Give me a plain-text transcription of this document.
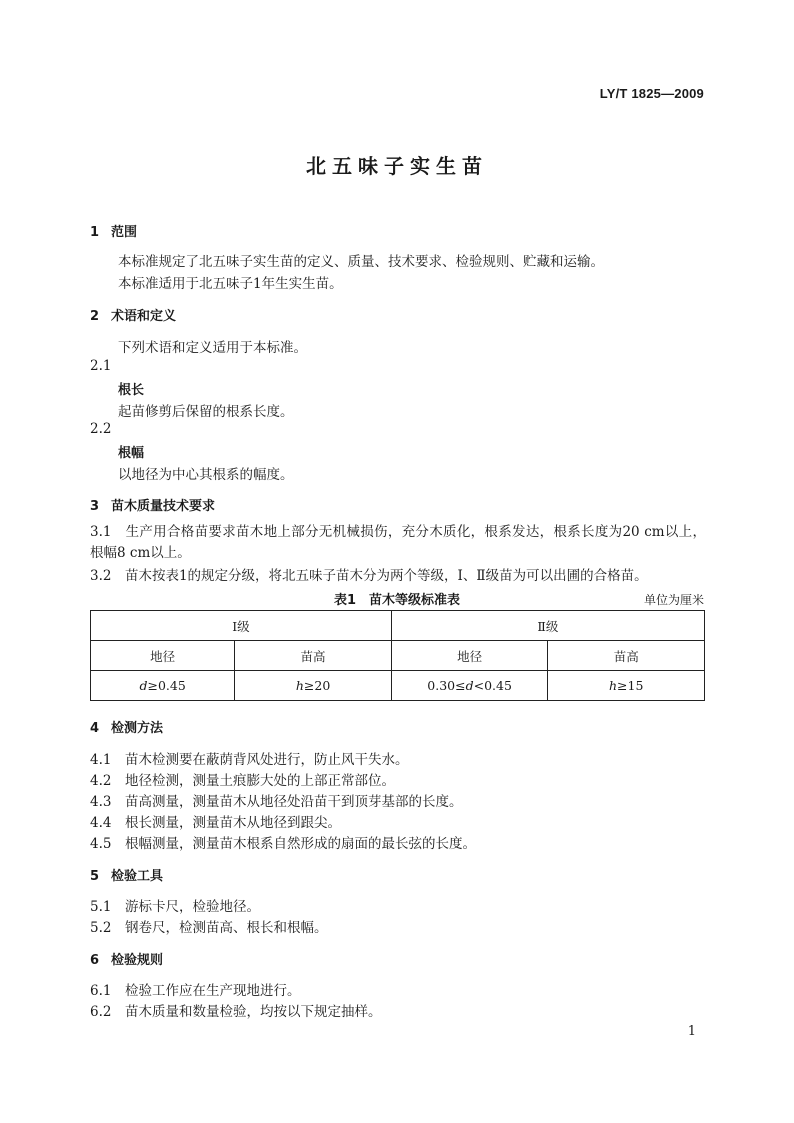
LY/T 1825—2009
北五味子实生苗
1 范围
本标准规定了北五味子实生苗的定义、质量、技术要求、检验规则、贮藏和运输。
本标准适用于北五味子1年生实生苗。
2 术语和定义
下列术语和定义适用于本标准。
2.1
根长
起苗修剪后保留的根系长度。
2.2
根幅
以地径为中心其根系的幅度。
3 苗木质量技术要求
3.1　生产用合格苗要求苗木地上部分无机械损伤，充分木质化，根系发达，根系长度为20 cm以上，根幅8 cm以上。
3.2　苗木按表1的规定分级，将北五味子苗木分为两个等级，Ⅰ、Ⅱ级苗为可以出圃的合格苗。
表1　苗木等级标准表	单位为厘米
Ⅰ级		Ⅱ级	
地径	苗高	地径	苗高
d≥0.45	h≥20	0.30≤d<0.45	h≥15
4 检测方法
4.1 苗木检测要在蔽荫背风处进行，防止风干失水。
4.2 地径检测，测量土痕膨大处的上部正常部位。
4.3 苗高测量，测量苗木从地径处沿苗干到顶芽基部的长度。
4.4 根长测量，测量苗木从地径到跟尖。
4.5 根幅测量，测量苗木根系自然形成的扇面的最长弦的长度。
5 检验工具
5.1 游标卡尺，检验地径。
5.2 钢卷尺，检测苗高、根长和根幅。
6 检验规则
6.1 检验工作应在生产现地进行。
6.2 苗木质量和数量检验，均按以下规定抽样。
1
